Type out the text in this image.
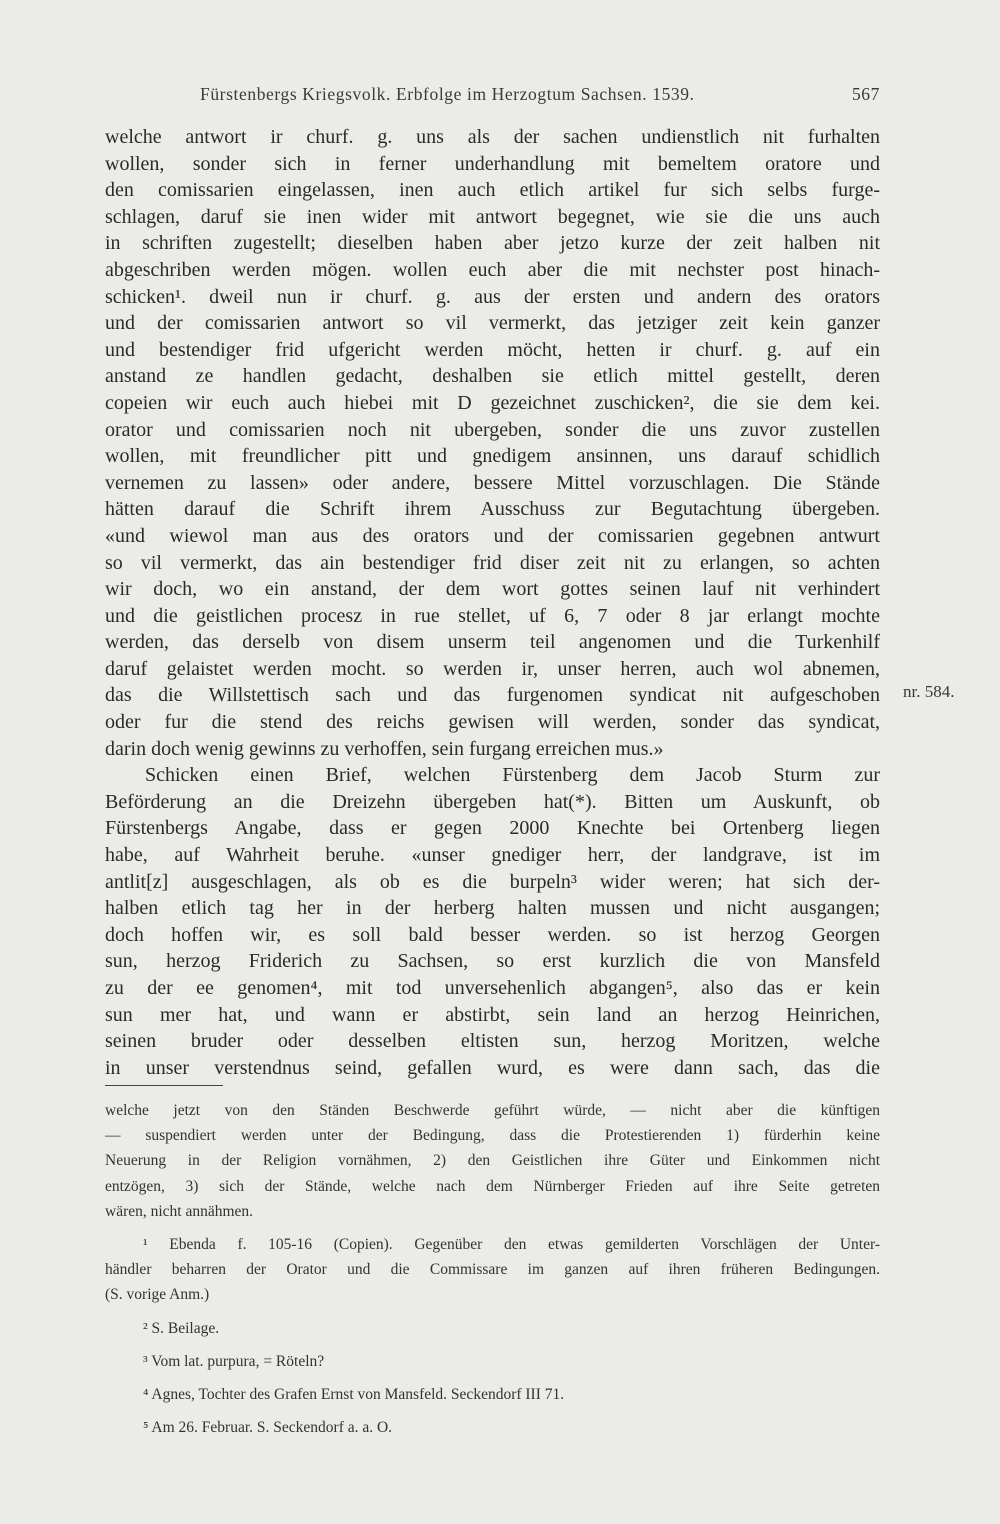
Fürstenbergs Kriegsvolk. Erbfolge im Herzogtum Sachsen. 1539.	567
welche antwort ir churf. g. uns als der sachen undienstlich nit furhalten
wollen, sonder sich in ferner underhandlung mit bemeltem oratore und
den comissarien eingelassen, inen auch etlich artikel fur sich selbs furge-
schlagen, daruf sie inen wider mit antwort begegnet, wie sie die uns auch
in schriften zugestellt; dieselben haben aber jetzo kurze der zeit halben nit
abgeschriben werden mögen. wollen euch aber die mit nechster post hinach-
schicken¹. dweil nun ir churf. g. aus der ersten und andern des orators
und der comissarien antwort so vil vermerkt, das jetziger zeit kein ganzer
und bestendiger frid ufgericht werden möcht, hetten ir churf. g. auf ein
anstand ze handlen gedacht, deshalben sie etlich mittel gestellt, deren
copeien wir euch auch hiebei mit D gezeichnet zuschicken², die sie dem kei.
orator und comissarien noch nit ubergeben, sonder die uns zuvor zustellen
wollen, mit freundlicher pitt und gnedigem ansinnen, uns darauf schidlich
vernemen zu lassen» oder andere, bessere Mittel vorzuschlagen. Die Stände
hätten darauf die Schrift ihrem Ausschuss zur Begutachtung übergeben.
«und wiewol man aus des orators und der comissarien gegebnen antwurt
so vil vermerkt, das ain bestendiger frid diser zeit nit zu erlangen, so achten
wir doch, wo ein anstand, der dem wort gottes seinen lauf nit verhindert
und die geistlichen procesz in rue stellet, uf 6, 7 oder 8 jar erlangt mochte
werden, das derselb von disem unserm teil angenomen und die Turkenhilf
daruf gelaistet werden mocht. so werden ir, unser herren, auch wol abnemen,
das die Willstettisch sach und das furgenomen syndicat nit aufgeschoben
oder fur die stend des reichs gewisen will werden, sonder das syndicat,
darin doch wenig gewinns zu verhoffen, sein furgang erreichen mus.»
Schicken einen Brief, welchen Fürstenberg dem Jacob Sturm zur
Beförderung an die Dreizehn übergeben hat(*). Bitten um Auskunft, ob
Fürstenbergs Angabe, dass er gegen 2000 Knechte bei Ortenberg liegen
habe, auf Wahrheit beruhe. «unser gnediger herr, der landgrave, ist im
antlit[z] ausgeschlagen, als ob es die burpeln³ wider weren; hat sich der-
halben etlich tag her in der herberg halten mussen und nicht ausgangen;
doch hoffen wir, es soll bald besser werden. so ist herzog Georgen
sun, herzog Friderich zu Sachsen, so erst kurzlich die von Mansfeld
zu der ee genomen⁴, mit tod unversehenlich abgangen⁵, also das er kein
sun mer hat, und wann er abstirbt, sein land an herzog Heinrichen,
seinen bruder oder desselben eltisten sun, herzog Moritzen, welche
in unser verstendnus seind, gefallen wurd, es were dann sach, das die
nr. 584.
welche jetzt von den Ständen Beschwerde geführt würde, — nicht aber die künftigen
— suspendiert werden unter der Bedingung, dass die Protestierenden 1) fürderhin keine
Neuerung in der Religion vornähmen, 2) den Geistlichen ihre Güter und Einkommen nicht
entzögen, 3) sich der Stände, welche nach dem Nürnberger Frieden auf ihre Seite getreten
wären, nicht annähmen.
¹ Ebenda f. 105-16 (Copien). Gegenüber den etwas gemilderten Vorschlägen der Unter-
händler beharren der Orator und die Commissare im ganzen auf ihren früheren Bedingungen.
(S. vorige Anm.)
² S. Beilage.
³ Vom lat. purpura, = Röteln?
⁴ Agnes, Tochter des Grafen Ernst von Mansfeld. Seckendorf III 71.
⁵ Am 26. Februar. S. Seckendorf a. a. O.
